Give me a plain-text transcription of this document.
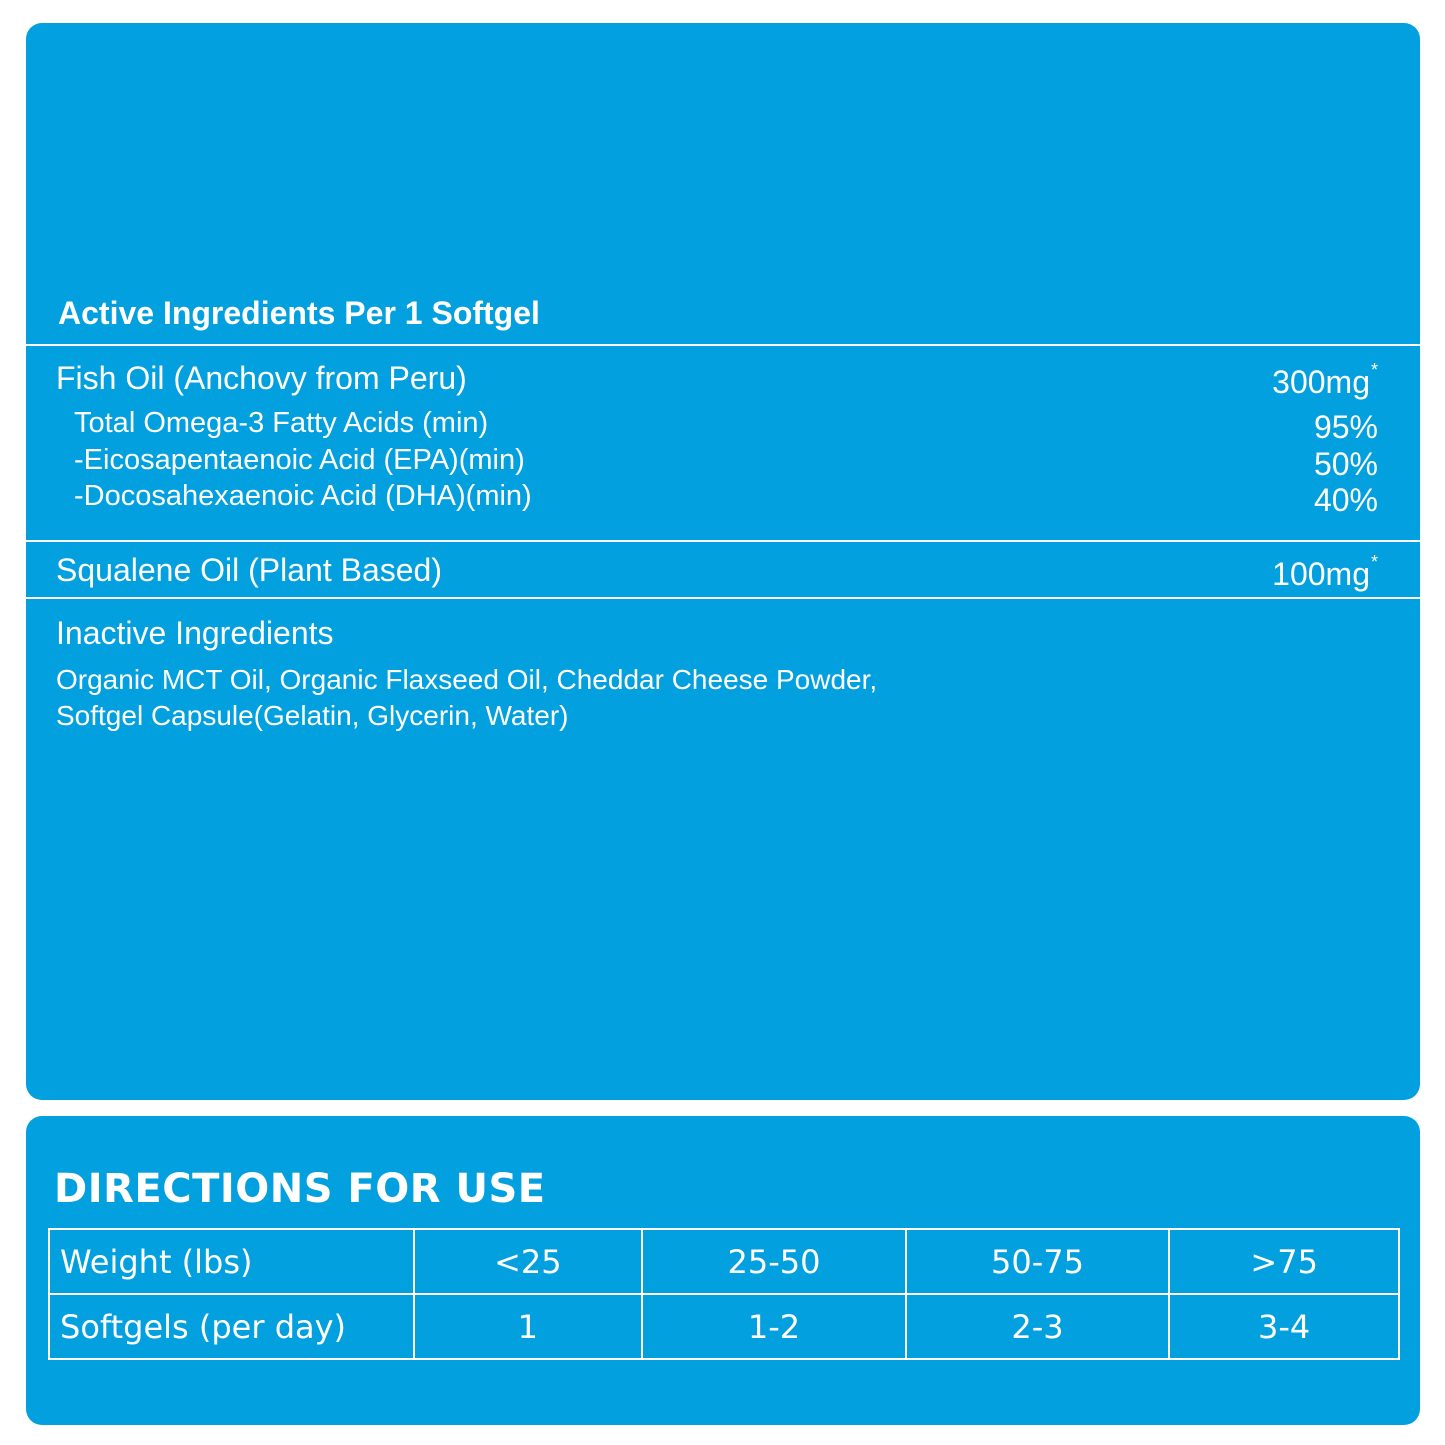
Active Ingredients Per 1 Softgel
Fish Oil (Anchovy from Peru)	300mg*
Total Omega-3 Fatty Acids (min)	95%
-Eicosapentaenoic Acid (EPA)(min)	50%
-Docosahexaenoic Acid (DHA)(min)	40%
Squalene Oil (Plant Based)	100mg*
Inactive Ingredients
Organic MCT Oil, Organic Flaxseed Oil, Cheddar Cheese Powder,
Softgel Capsule(Gelatin, Glycerin, Water)
DIRECTIONS FOR USE
Weight (lbs)	<25	25-50	50-75	>75
Softgels (per day)	1	1-2	2-3	3-4
